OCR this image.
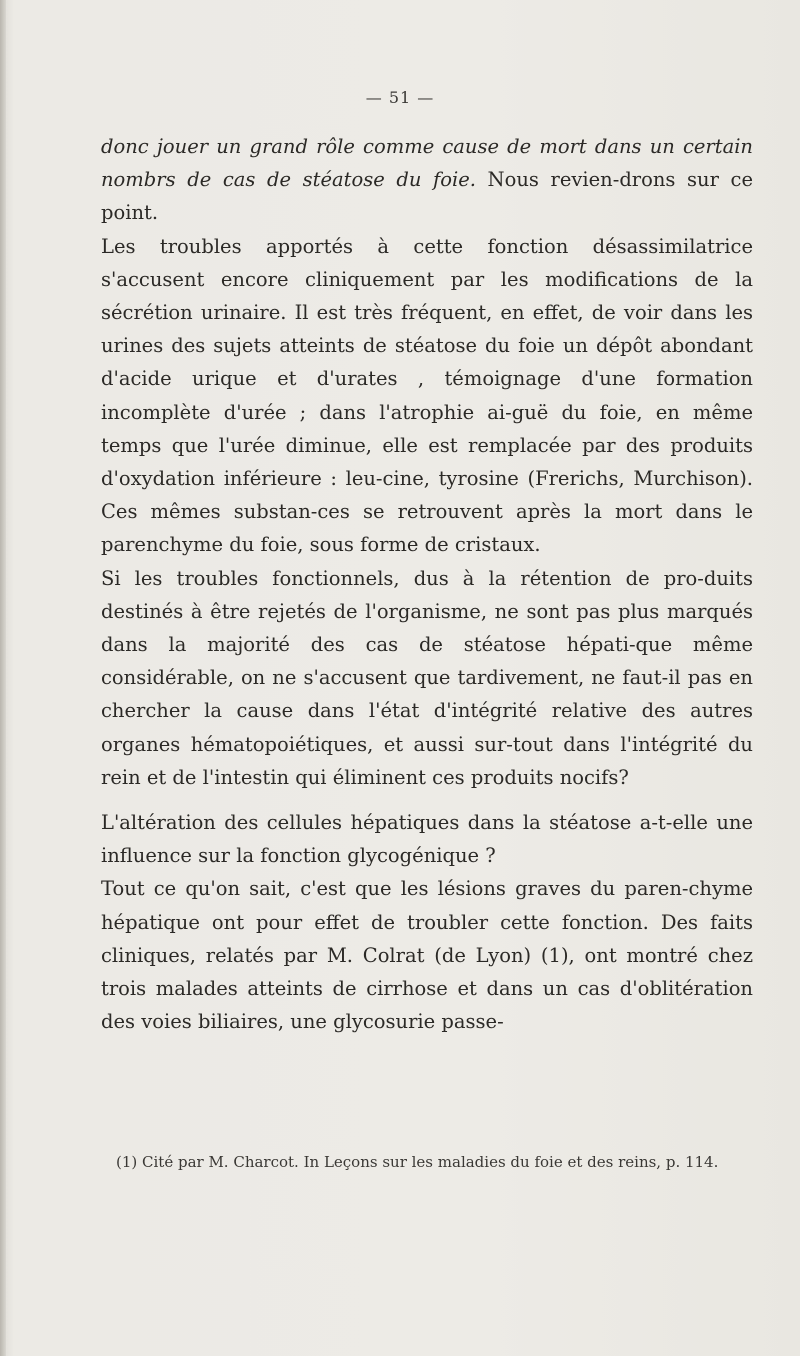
— 51 —

donc jouer un grand rôle comme cause de mort dans un certain nombrs de cas de stéatose du foie. Nous revien-drons sur ce point.

Les troubles apportés à cette fonction désassimilatrice s'accusent encore cliniquement par les modifications de la sécrétion urinaire. Il est très fréquent, en effet, de voir dans les urines des sujets atteints de stéatose du foie un dépôt abondant d'acide urique et d'urates , témoignage d'une formation incomplète d'urée ; dans l'atrophie ai-guë du foie, en même temps que l'urée diminue, elle est remplacée par des produits d'oxydation inférieure : leu-cine, tyrosine (Frerichs, Murchison). Ces mêmes substan-ces se retrouvent après la mort dans le parenchyme du foie, sous forme de cristaux.

Si les troubles fonctionnels, dus à la rétention de pro-duits destinés à être rejetés de l'organisme, ne sont pas plus marqués dans la majorité des cas de stéatose hépati-que même considérable, on ne s'accusent que tardivement, ne faut-il pas en chercher la cause dans l'état d'intégrité relative des autres organes hématopoiétiques, et aussi sur-tout dans l'intégrité du rein et de l'intestin qui éliminent ces produits nocifs?

L'altération des cellules hépatiques dans la stéatose a-t-elle une influence sur la fonction glycogénique ?

Tout ce qu'on sait, c'est que les lésions graves du paren-chyme hépatique ont pour effet de troubler cette fonction. Des faits cliniques, relatés par M. Colrat (de Lyon) (1), ont montré chez trois malades atteints de cirrhose et dans un cas d'oblitération des voies biliaires, une glycosurie passe-

(1) Cité par M. Charcot. In Leçons sur les maladies du foie et des reins, p. 114.
